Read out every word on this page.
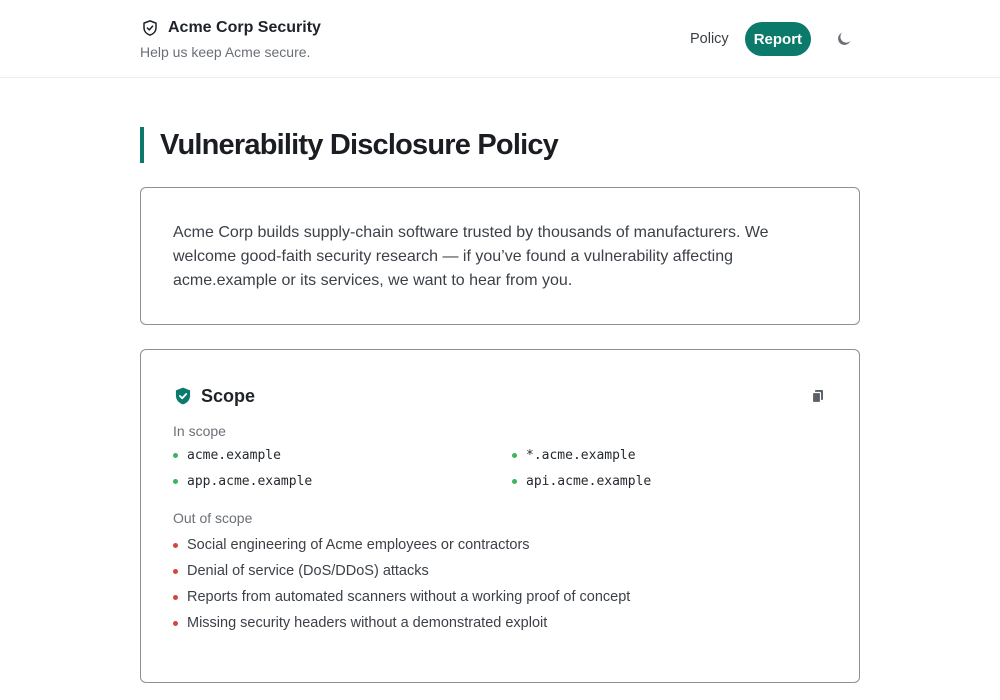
Acme Corp Security
Help us keep Acme secure.
Policy	Report
Vulnerability Disclosure Policy

Acme Corp builds supply-chain software trusted by thousands of manufacturers. We welcome good-faith security research — if you’ve found a vulnerability affecting acme.example or its services, we want to hear from you.

Scope
In scope
acme.example	*.acme.example
app.acme.example	api.acme.example
Out of scope
Social engineering of Acme employees or contractors
Denial of service (DoS/DDoS) attacks
Reports from automated scanners without a working proof of concept
Missing security headers without a demonstrated exploit
